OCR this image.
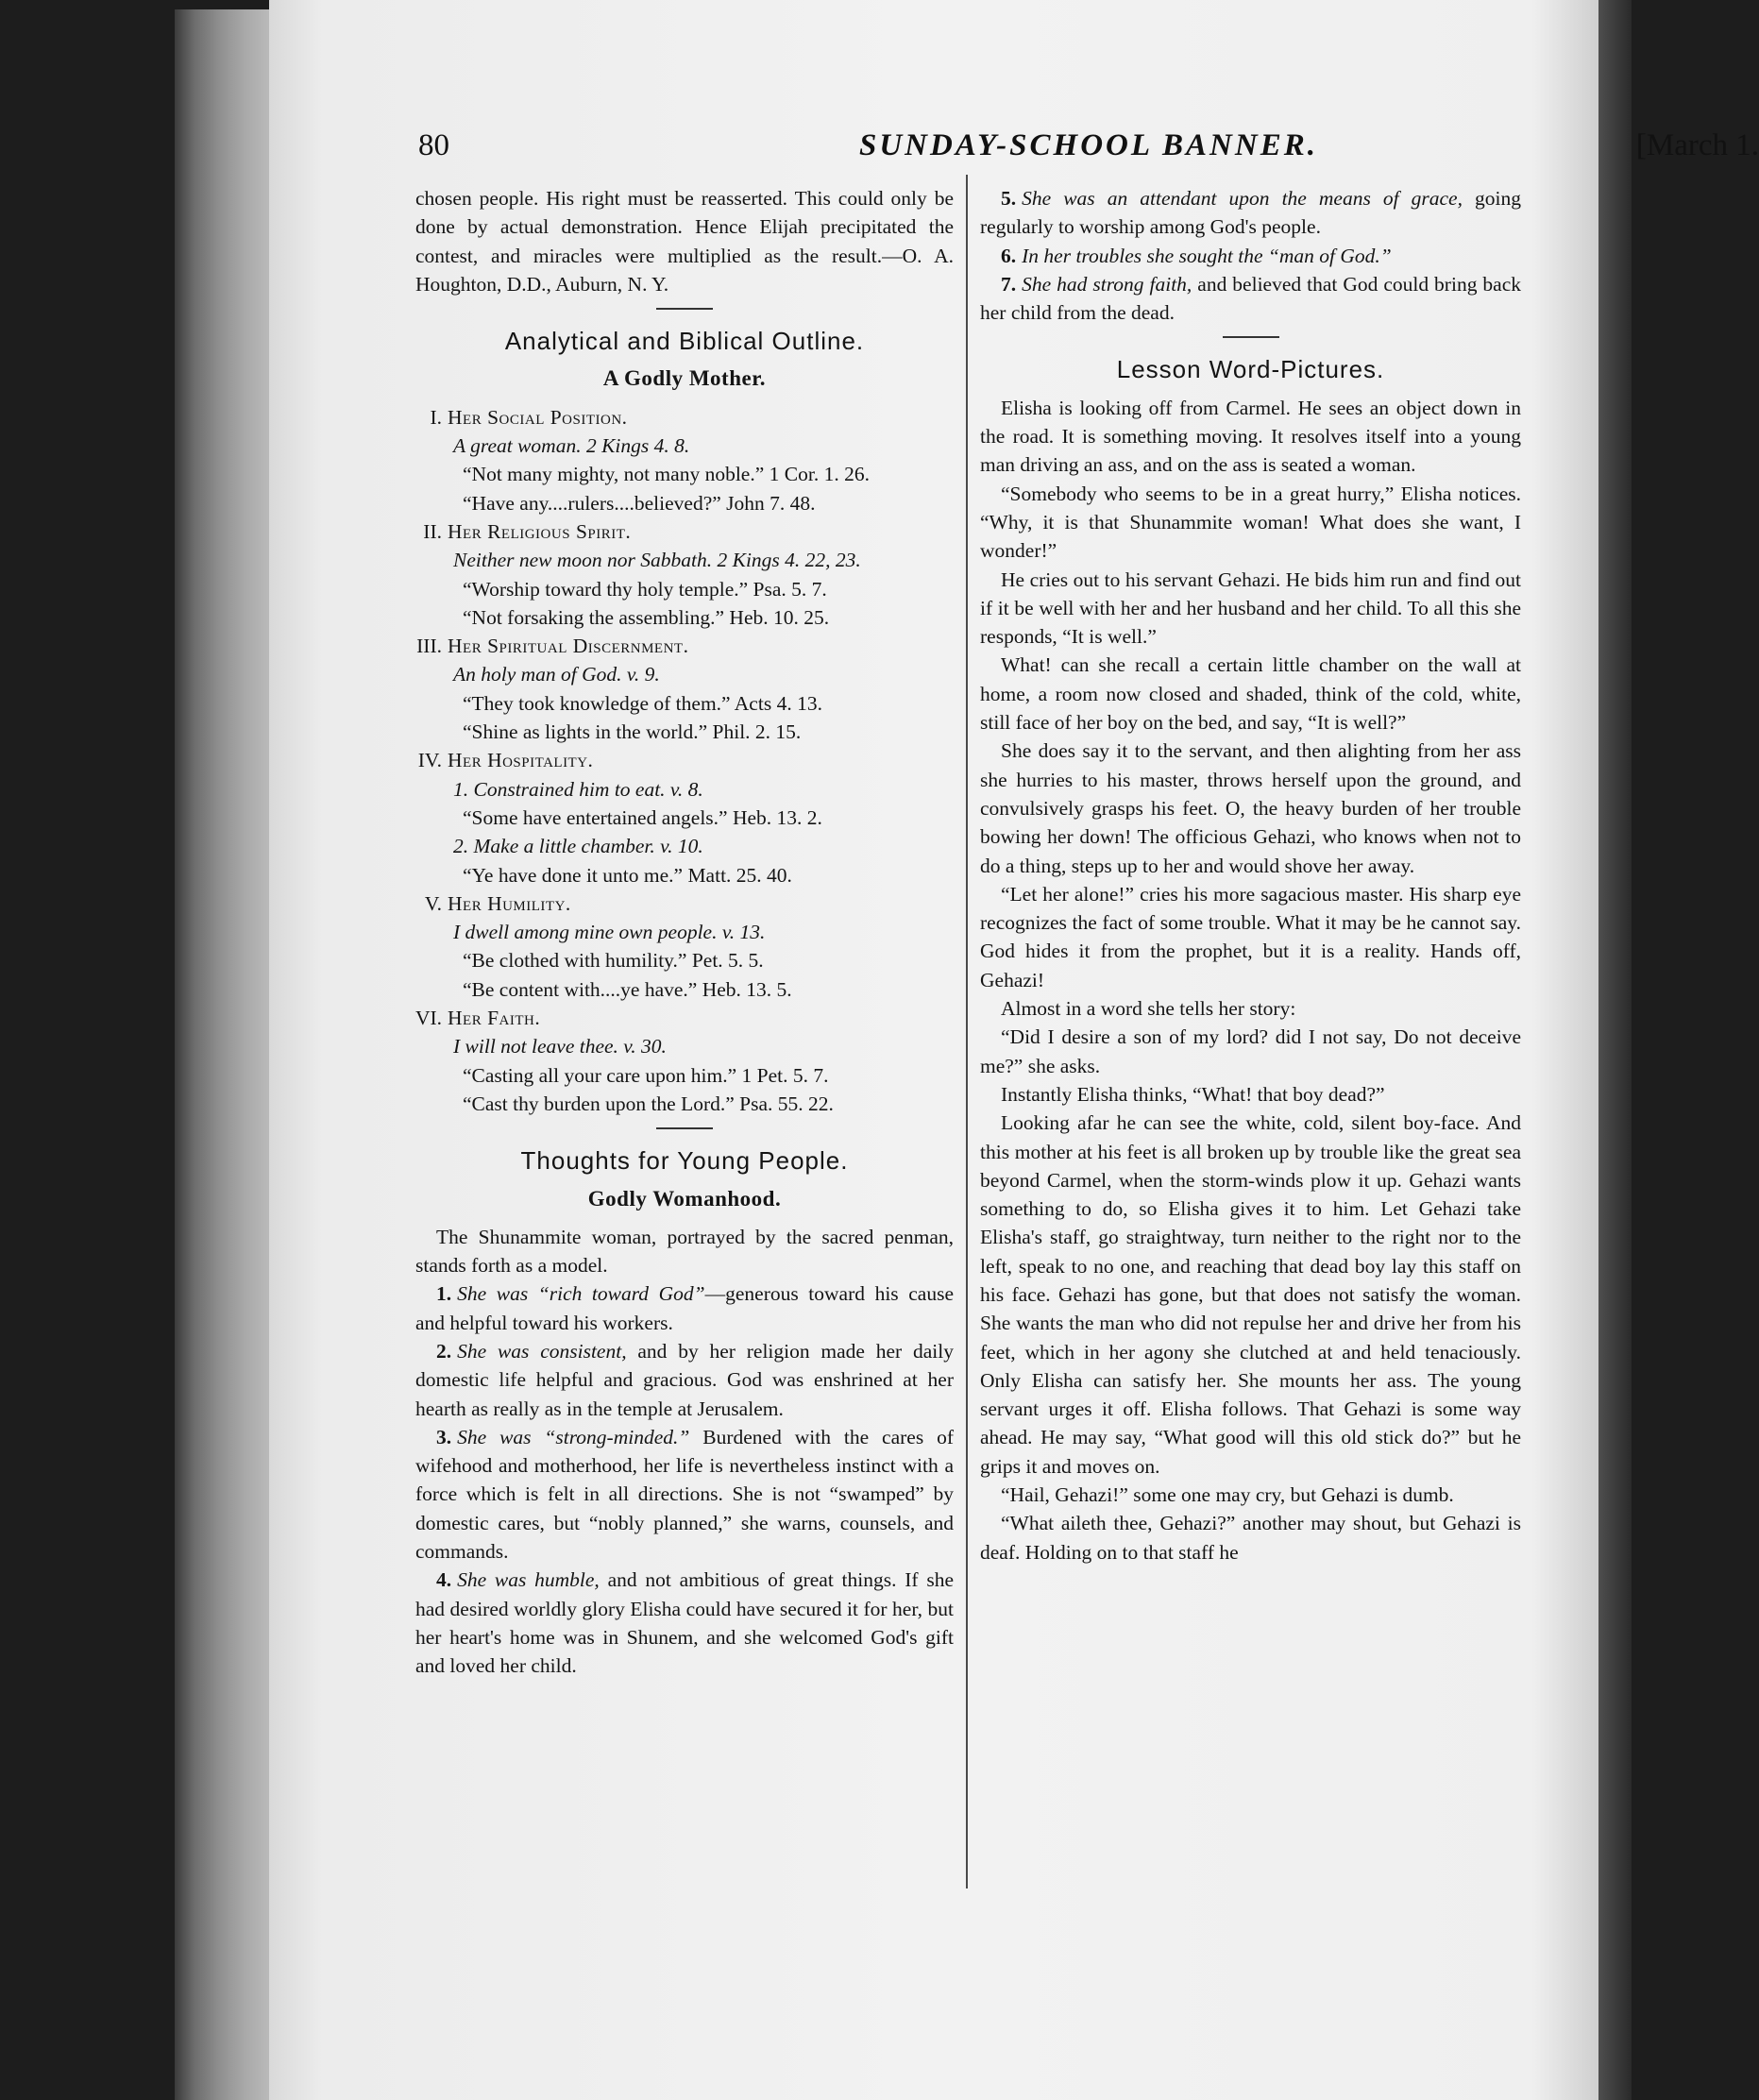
80	SUNDAY-SCHOOL BANNER.	[March 1.

chosen people. His right must be reasserted. This could only be done by actual demonstration. Hence Elijah precipitated the contest, and miracles were multiplied as the result.—O. A. Houghton, D.D., Auburn, N. Y.

Analytical and Biblical Outline.
A Godly Mother.

I. Her Social Position.

A great woman. 2 Kings 4. 8.

“Not many mighty, not many noble.” 1 Cor. 1. 26.

“Have any....rulers....believed?” John 7. 48.

II. Her Religious Spirit.

Neither new moon nor Sabbath. 2 Kings 4. 22, 23.

“Worship toward thy holy temple.” Psa. 5. 7.

“Not forsaking the assembling.” Heb. 10. 25.

III. Her Spiritual Discernment.

An holy man of God. v. 9.

“They took knowledge of them.” Acts 4. 13.

“Shine as lights in the world.” Phil. 2. 15.

IV. Her Hospitality.

1. Constrained him to eat. v. 8.

“Some have entertained angels.” Heb. 13. 2.

2. Make a little chamber. v. 10.

“Ye have done it unto me.” Matt. 25. 40.

V. Her Humility.

I dwell among mine own people. v. 13.

“Be clothed with humility.” Pet. 5. 5.

“Be content with....ye have.” Heb. 13. 5.

VI. Her Faith.

I will not leave thee. v. 30.

“Casting all your care upon him.” 1 Pet. 5. 7.

“Cast thy burden upon the Lord.” Psa. 55. 22.

Thoughts for Young People.
Godly Womanhood.

The Shunammite woman, portrayed by the sacred penman, stands forth as a model.

1. She was “rich toward God”—generous toward his cause and helpful toward his workers.

2. She was consistent, and by her religion made her daily domestic life helpful and gracious. God was enshrined at her hearth as really as in the temple at Jerusalem.

3. She was “strong-minded.” Burdened with the cares of wifehood and motherhood, her life is nevertheless instinct with a force which is felt in all directions. She is not “swamped” by domestic cares, but “nobly planned,” she warns, counsels, and commands.

4. She was humble, and not ambitious of great things. If she had desired worldly glory Elisha could have secured it for her, but her heart's home was in Shunem, and she welcomed God's gift and loved her child.

5. She was an attendant upon the means of grace, going regularly to worship among God's people.

6. In her troubles she sought the “man of God.”

7. She had strong faith, and believed that God could bring back her child from the dead.

Lesson Word-Pictures.

Elisha is looking off from Carmel. He sees an object down in the road. It is something moving. It resolves itself into a young man driving an ass, and on the ass is seated a woman.

“Somebody who seems to be in a great hurry,” Elisha notices. “Why, it is that Shunammite woman! What does she want, I wonder!”

He cries out to his servant Gehazi. He bids him run and find out if it be well with her and her husband and her child. To all this she responds, “It is well.”

What! can she recall a certain little chamber on the wall at home, a room now closed and shaded, think of the cold, white, still face of her boy on the bed, and say, “It is well?”

She does say it to the servant, and then alighting from her ass she hurries to his master, throws herself upon the ground, and convulsively grasps his feet. O, the heavy burden of her trouble bowing her down! The officious Gehazi, who knows when not to do a thing, steps up to her and would shove her away.

“Let her alone!” cries his more sagacious master. His sharp eye recognizes the fact of some trouble. What it may be he cannot say. God hides it from the prophet, but it is a reality. Hands off, Gehazi!

Almost in a word she tells her story:

“Did I desire a son of my lord? did I not say, Do not deceive me?” she asks.

Instantly Elisha thinks, “What! that boy dead?”

Looking afar he can see the white, cold, silent boy-face. And this mother at his feet is all broken up by trouble like the great sea beyond Carmel, when the storm-winds plow it up. Gehazi wants something to do, so Elisha gives it to him. Let Gehazi take Elisha's staff, go straightway, turn neither to the right nor to the left, speak to no one, and reaching that dead boy lay this staff on his face. Gehazi has gone, but that does not satisfy the woman. She wants the man who did not repulse her and drive her from his feet, which in her agony she clutched at and held tenaciously. Only Elisha can satisfy her. She mounts her ass. The young servant urges it off. Elisha follows. That Gehazi is some way ahead. He may say, “What good will this old stick do?” but he grips it and moves on.

“Hail, Gehazi!” some one may cry, but Gehazi is dumb.

“What aileth thee, Gehazi?” another may shout, but Gehazi is deaf. Holding on to that staff he
